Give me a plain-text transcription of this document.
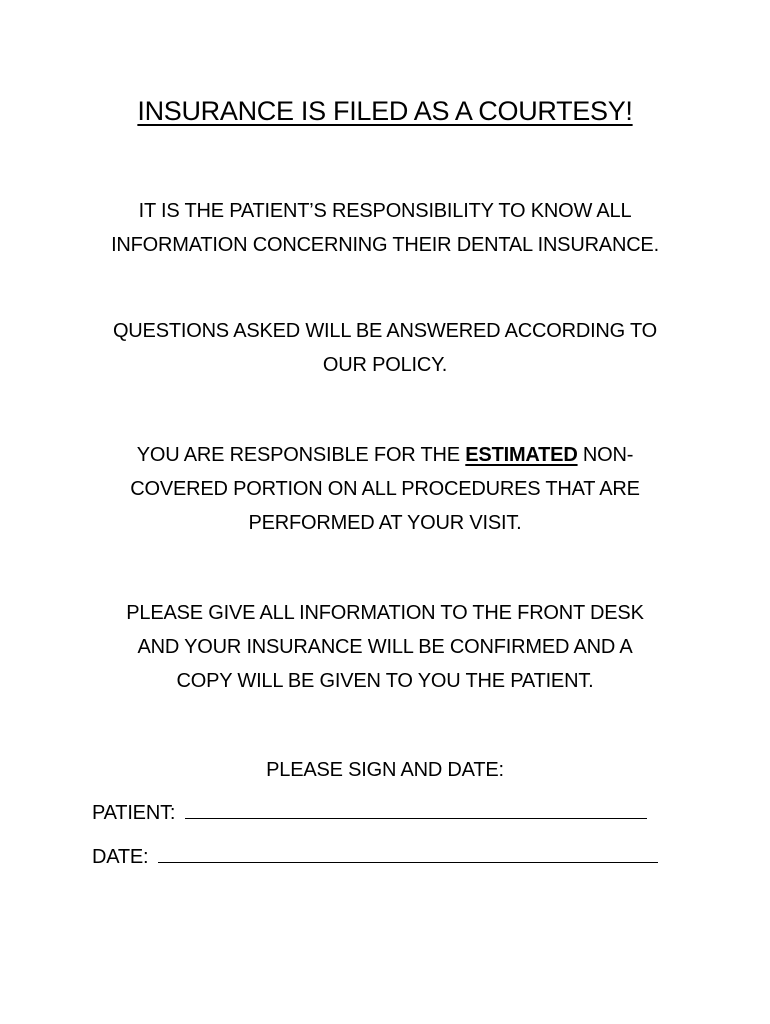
INSURANCE IS FILED AS A COURTESY!
IT IS THE PATIENT’S RESPONSIBILITY TO KNOW ALL
INFORMATION CONCERNING THEIR DENTAL INSURANCE.
QUESTIONS ASKED WILL BE ANSWERED ACCORDING TO
OUR POLICY.
YOU ARE RESPONSIBLE FOR THE ESTIMATED NON-
COVERED PORTION ON ALL PROCEDURES THAT ARE
PERFORMED AT YOUR VISIT.
PLEASE GIVE ALL INFORMATION TO THE FRONT DESK
AND YOUR INSURANCE WILL BE CONFIRMED AND A
COPY WILL BE GIVEN TO YOU THE PATIENT.
PLEASE SIGN AND DATE:
PATIENT:
DATE:
